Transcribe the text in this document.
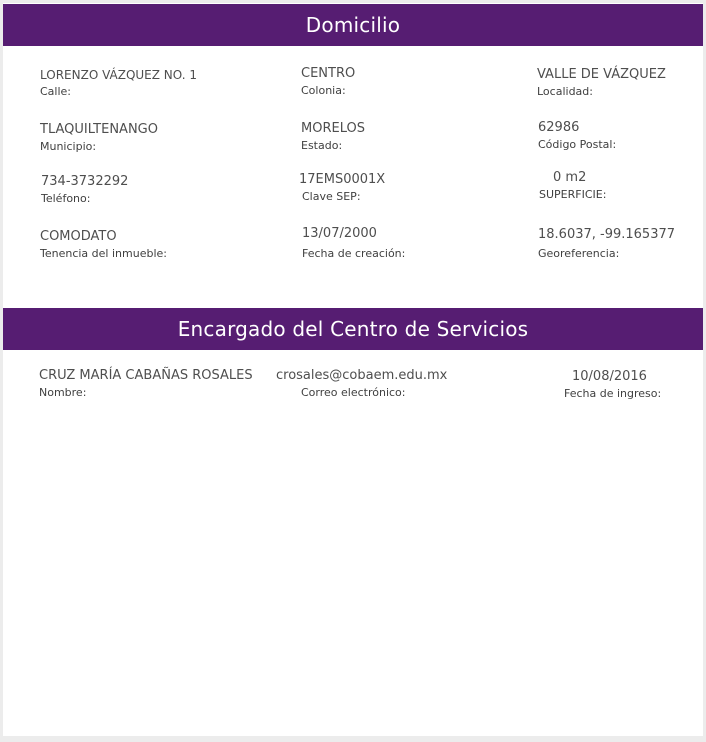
Domicilio
LORENZO VÁZQUEZ NO. 1
Calle:
CENTRO
Colonia:
VALLE DE VÁZQUEZ
Localidad:
TLAQUILTENANGO
Municipio:
MORELOS
Estado:
62986
Código Postal:
734-3732292
Teléfono:
17EMS0001X
Clave SEP:
0 m2
SUPERFICIE:
COMODATO
Tenencia del inmueble:
13/07/2000
Fecha de creación:
18.6037, -99.165377
Georeferencia:
Encargado del Centro de Servicios
CRUZ MARÍA CABAÑAS ROSALES
Nombre:
crosales@cobaem.edu.mx
Correo electrónico:
10/08/2016
Fecha de ingreso:
